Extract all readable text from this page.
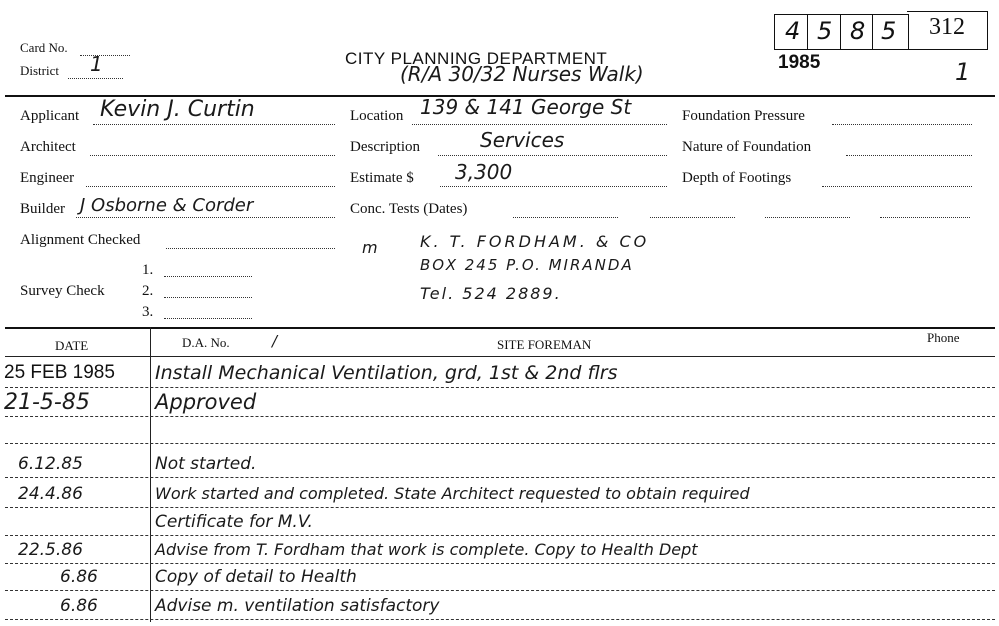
Card No.
District 1	CITY PLANNING DEPARTMENT
(R/A 30/32 Nurses Walk)	1985	1
4 5 8 5 312
Applicant Kevin J. Curtin
Architect
Engineer
Builder J Osborne & Corder
Alignment Checked
1.
Survey Check 2.
3.
Location 139 & 141 George St
Description	Services
Estimate $ 3,300
Conc. Tests (Dates)
Foundation Pressure
Nature of Foundation
Depth of Footings
m	K. T. FORDHAM. & CO
BOX 245 P.O. MIRANDA
Tel. 524 2889.
DATE	D.A. No.	/	SITE FOREMAN	Phone
25 FEB 1985	Install Mechanical Ventilation, grd, 1st & 2nd flrs
21-5-85	Approved
6.12.85	Not started.
24.4.86	Work started and completed. State Architect requested to obtain required
Certificate for M.V.
22.5.86	Advise from T. Fordham that work is complete. Copy to Health Dept
6.86	Copy of detail to Health
6.86	Advise m. ventilation satisfactory
